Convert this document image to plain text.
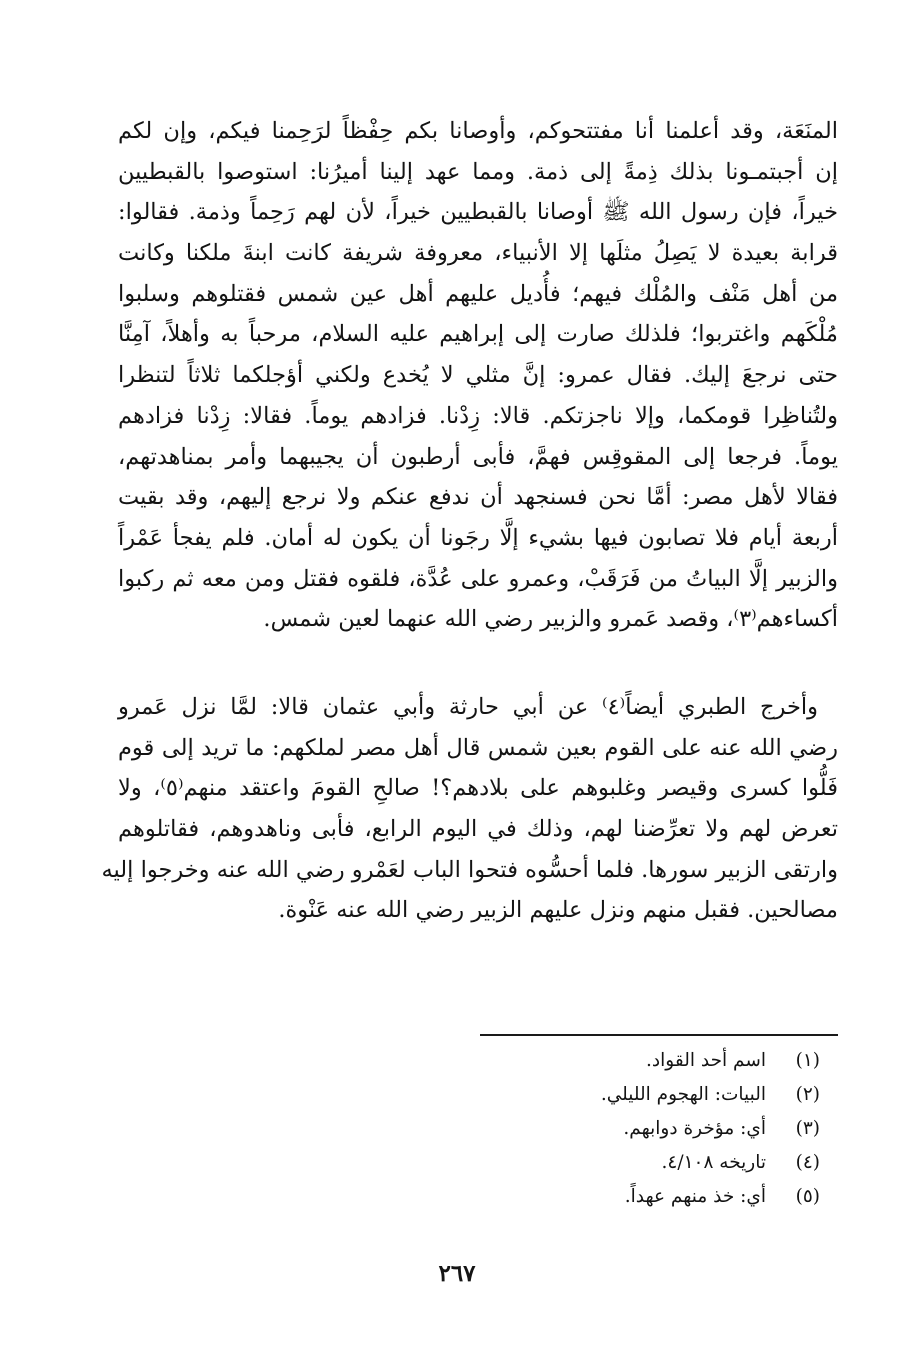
المنَعَة، وقد أعلمنا أنا مفتتحوكم، وأوصانا بكم حِفْظاً لرَحِمنا فيكم، وإن لكم
إن أجبتمـونا بذلك ذِمةً إلى ذمة. ومما عهد إلينا أميرُنا: استوصوا بالقبطيين
خيراً، فإن رسول الله ﷺ أوصانا بالقبطيين خيراً، لأن لهم رَحِماً وذمة. فقالوا:
قرابة بعيدة لا يَصِلُ مثلَها إلا الأنبياء، معروفة شريفة كانت ابنةَ ملكنا وكانت
من أهل مَنْف والمُلْك فيهم؛ فأُديل عليهم أهل عين شمس فقتلوهم وسلبوا
مُلْكَهم واغتربوا؛ فلذلك صارت إلى إبراهيم عليه السلام، مرحباً به وأهلاً، آمِنَّا
حتى نرجعَ إليك. فقال عمرو: إنَّ مثلي لا يُخدع ولكني أؤجلكما ثلاثاً لتنظرا
ولتُناظِرا قومكما، وإلا ناجزتكم. قالا: زِدْنا. فزادهم يوماً. فقالا: زِدْنا فزادهم
يوماً. فرجعا إلى المقوقِس فهمَّ، فأبى أرطبون أن يجيبهما وأمر بمناهدتهم،
فقالا لأهل مصر: أمَّا نحن فسنجهد أن ندفع عنكم ولا نرجع إليهم، وقد بقيت
أربعة أيام فلا تصابون فيها بشيء إلَّا رجَونا أن يكون له أمان. فلم يفجأ عَمْراً
والزبير إلَّا البياتُ من فَرَقَبْ، وعمرو على عُدَّة، فلقوه فقتل ومن معه ثم ركبوا
أكساءهم⁽٣⁾، وقصد عَمرو والزبير رضي الله عنهما لعين شمس.
وأخرج الطبري أيضاً⁽٤⁾ عن أبي حارثة وأبي عثمان قالا: لمَّا نزل عَمرو
رضي الله عنه على القوم بعين شمس قال أهل مصر لملكهم: ما تريد إلى قوم
فَلُّوا كسرى وقيصر وغلبوهم على بلادهم؟! صالحِ القومَ واعتقد منهم⁽٥⁾، ولا
تعرض لهم ولا تعرِّضنا لهم، وذلك في اليوم الرابع، فأبى وناهدوهم، فقاتلوهم
وارتقى الزبير سورها. فلما أحسُّوه فتحوا الباب لعَمْرو رضي الله عنه وخرجوا إليه
مصالحين. فقبل منهم ونزل عليهم الزبير رضي الله عنه عَنْوة.
(١)
اسم أحد القواد.
(٢)
البيات: الهجوم الليلي.
(٣)
أي: مؤخرة دوابهم.
(٤)
تاريخه ٤/١٠٨.
(٥)
أي: خذ منهم عهداً.
٢٦٧
